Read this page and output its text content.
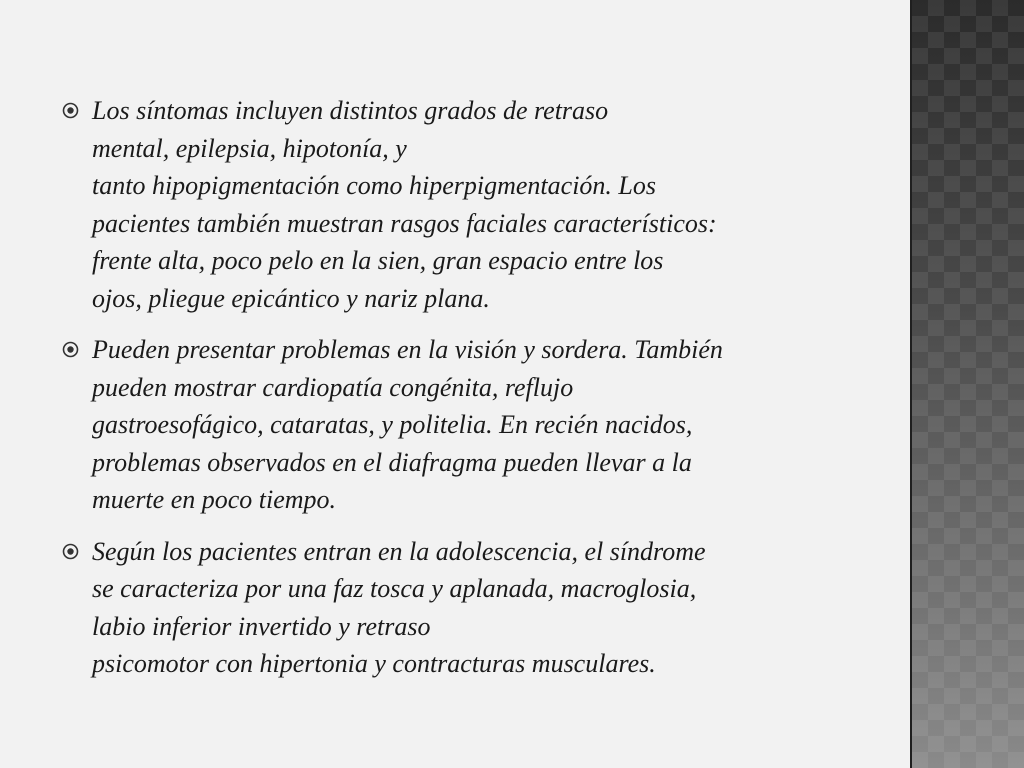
Los síntomas incluyen distintos grados de retraso
mental, epilepsia, hipotonía, y
tanto hipopigmentación como hiperpigmentación. Los
pacientes también muestran rasgos faciales característicos:
frente alta, poco pelo en la sien, gran espacio entre los
ojos, pliegue epicántico y nariz plana.
Pueden presentar problemas en la visión y sordera. También
pueden mostrar cardiopatía congénita, reflujo
gastroesofágico, cataratas, y politelia. En recién nacidos,
problemas observados en el diafragma pueden llevar a la
muerte en poco tiempo.
Según los pacientes entran en la adolescencia, el síndrome
se caracteriza por una faz tosca y aplanada, macroglosia,
labio inferior invertido y retraso
psicomotor con hipertonia y contracturas musculares.
